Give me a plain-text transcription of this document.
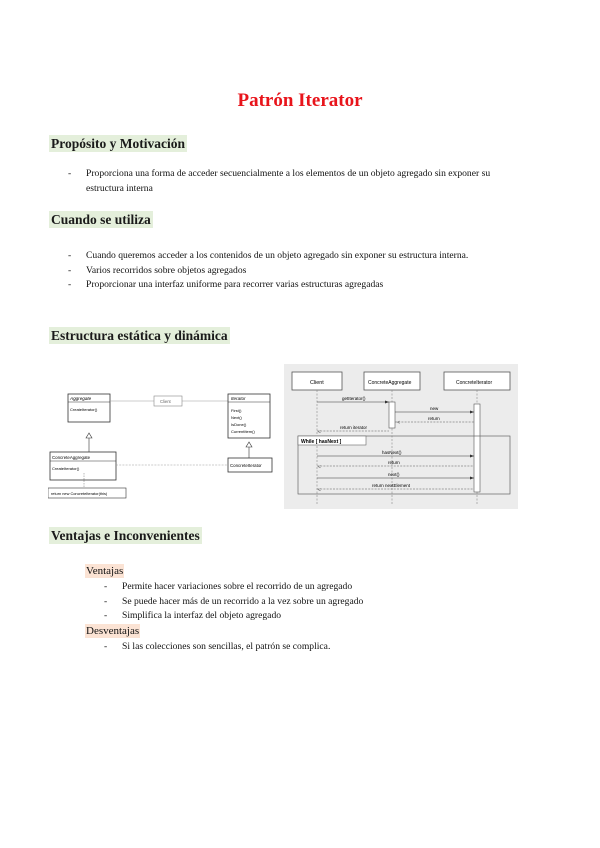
Patrón Iterator
Propósito y Motivación
- Proporciona una forma de acceder secuencialmente a los elementos de un objeto agregado sin exponer su estructura interna
Cuando se utiliza
- Cuando queremos acceder a los contenidos de un objeto agregado sin exponer su estructura interna.
- Varios recorridos sobre objetos agregados
- Proporcionar una interfaz uniforme para recorrer varias estructuras agregadas
Estructura estática y dinámica
Aggregate
CreateIterator()
Client
Iterator
First()
Next()
IsDone()
CurrentItem()
ConcreteAggregate
CreateIterator()
ConcreteIterator
return new ConcreteIterator(this)
Client	ConcreteAggregate	ConcreteIterator
getIterator()
new
return
<
return iterator
<
While [ hasNext ]
hasNext()
return
<
next()
return nextElement
<
Ventajas e Inconvenientes
Ventajas
- Permite hacer variaciones sobre el recorrido de un agregado
- Se puede hacer más de un recorrido a la vez sobre un agregado
- Simplifica la interfaz del objeto agregado
Desventajas
- Si las colecciones son sencillas, el patrón se complica.
